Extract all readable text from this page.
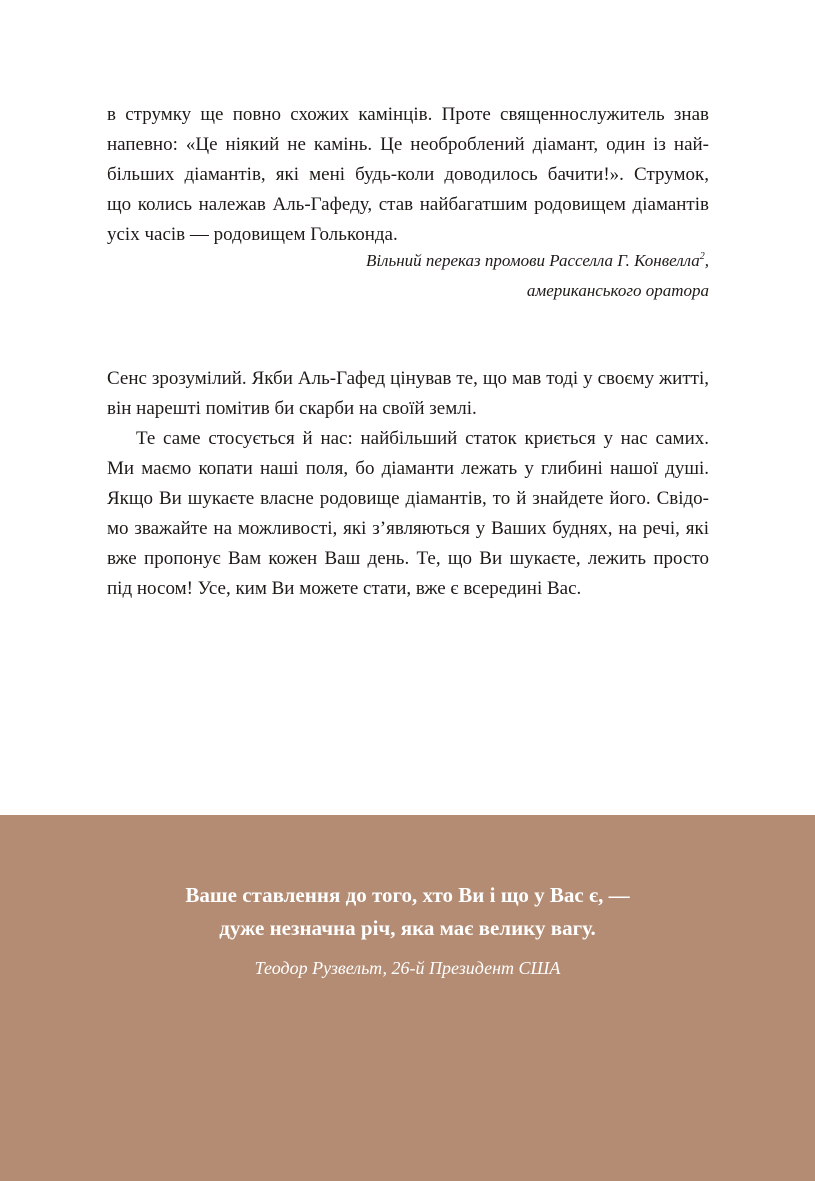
в струмку ще повно схожих камінців. Проте священнослужитель знав
напевно: «Це ніякий не камінь. Це необроблений діамант, один із най-
більших діамантів, які мені будь-коли доводилось бачити!». Струмок,
що колись належав Аль-Гафеду, став найбагатшим родовищем діамантів
усіх часів — родовищем Гольконда.
Вільний переказ промови Расселла Г. Конвелла$^2$,
американського оратора
Сенс зрозумілий. Якби Аль-Гафед цінував те, що мав тоді у своєму житті,
він нарешті помітив би скарби на своїй землі.
Те саме стосується й нас: найбільший статок криється у нас самих.
Ми маємо копати наші поля, бо діаманти лежать у глибині нашої душі.
Якщо Ви шукаєте власне родовище діамантів, то й знайдете його. Свідо-
мо зважайте на можливості, які з’являються у Ваших буднях, на речі, які
вже пропонує Вам кожен Ваш день. Те, що Ви шукаєте, лежить просто
під носом! Усе, ким Ви можете стати, вже є всередині Вас.
Ваше ставлення до того, хто Ви і що у Вас є, —
дуже незначна річ, яка має велику вагу.
Теодор Рузвельт, 26-й Президент США
